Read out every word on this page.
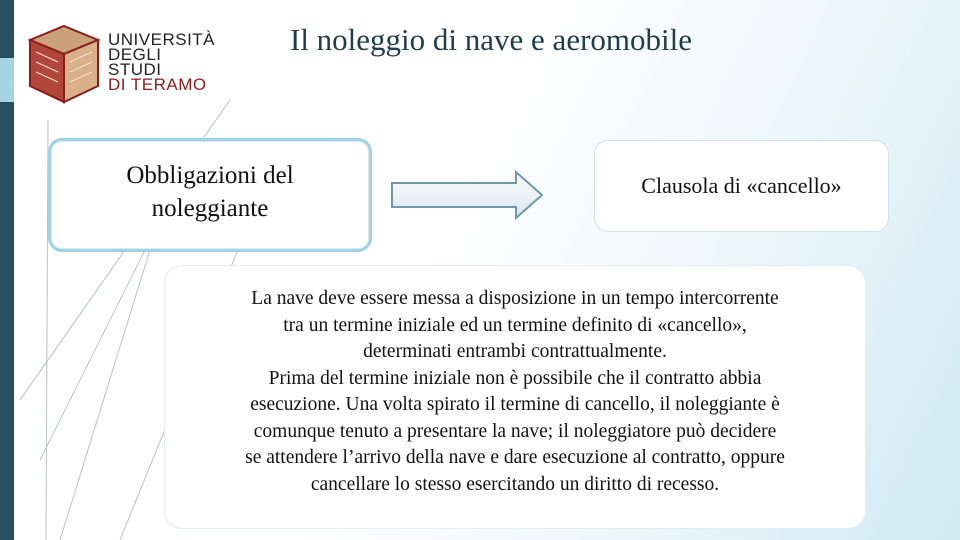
UNIVERSITÀ
DEGLI STUDI
DI TERAMO
Il noleggio di nave e aeromobile
Obbligazioni del
noleggiante
Clausola di «cancello»
La nave deve essere messa a disposizione in un tempo intercorrente
tra un termine iniziale ed un termine definito di «cancello»,
determinati entrambi contrattualmente.
Prima del termine iniziale non è possibile che il contratto abbia
esecuzione. Una volta spirato il termine di cancello, il noleggiante è
comunque tenuto a presentare la nave; il noleggiatore può decidere
se attendere l’arrivo della nave e dare esecuzione al contratto, oppure
cancellare lo stesso esercitando un diritto di recesso.
